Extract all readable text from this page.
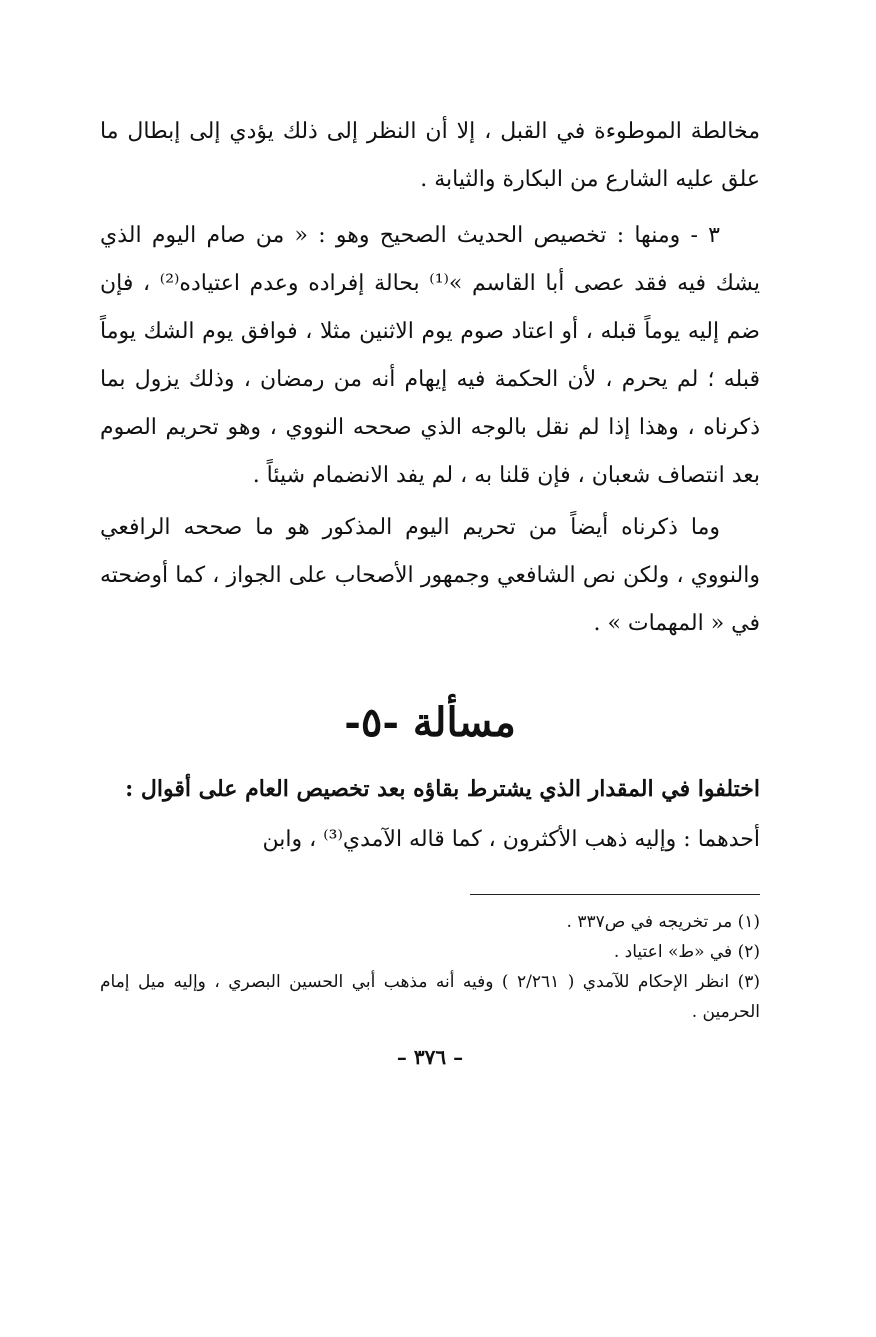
مخالطة الموطوءة في القبل ، إلا أن النظر إلى ذلك يؤدي إلى إبطال ما علق عليه الشارع من البكارة والثيابة .

٣ - ومنها : تخصيص الحديث الصحيح وهو : « من صام اليوم الذي يشك فيه فقد عصى أبا القاسم »⁽¹⁾ بحالة إفراده وعدم اعتياده⁽²⁾ ، فإن ضم إليه يوماً قبله ، أو اعتاد صوم يوم الاثنين مثلا ، فوافق يوم الشك يوماً قبله ؛ لم يحرم ، لأن الحكمة فيه إيهام أنه من رمضان ، وذلك يزول بما ذكرناه ، وهذا إذا لم نقل بالوجه الذي صححه النووي ، وهو تحريم الصوم بعد انتصاف شعبان ، فإن قلنا به ، لم يفد الانضمام شيئاً .

وما ذكرناه أيضاً من تحريم اليوم المذكور هو ما صححه الرافعي والنووي ، ولكن نص الشافعي وجمهور الأصحاب على الجواز ، كما أوضحته في « المهمات » .

مسألة -٥-

اختلفوا في المقدار الذي يشترط بقاؤه بعد تخصيص العام على أقوال :

أحدهما : وإليه ذهب الأكثرون ، كما قاله الآمدي⁽³⁾ ، وابن

(١) مر تخريجه في ص٣٣٧ .

(٢) في «ط» اعتياد .

(٣) انظر الإحكام للآمدي ( ٢/٢٦١ ) وفيه أنه مذهب أبي الحسين البصري ، وإليه ميل إمام الحرمين .

– ٣٧٦ –
